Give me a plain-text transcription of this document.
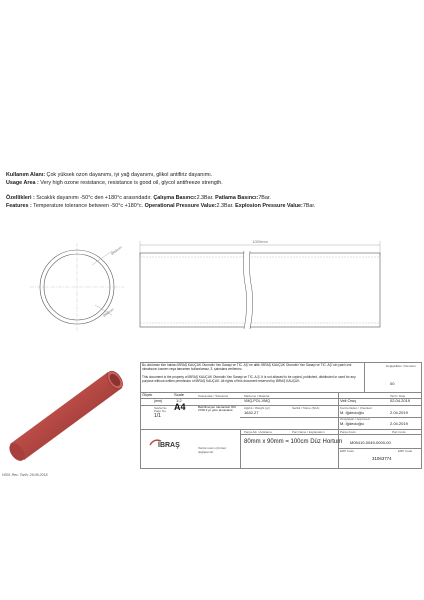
Kullanım Alanı: Çok yüksek ozon dayanımı, iyi yağ dayanımı, glikol antifiriz dayanımı.
Usage Area : Very high ozone resistance, resistance is good oil, glycol antifreeze strength.
Özellikleri : Sıcaklık dayanımı -50°c den +180°c arasındadır. Çalışma Basıncı:2.3Bar. Patlama Basıncı:7Bar.
Features : Temperature tolerance between -50°c +180°c. Operational Pressure Value:2.3Bar. Explosion Pressure Value:7Bar.
1000mm
Ø90mm
Ø80mm
Bu doküman tüm hakları İBRAŞ KAUÇUK Otomotiv Yan Sanayi ve TİC. AŞ.'ne aittir. İBRAŞ KAUÇUK Otomotiv Yan Sanayi ve TİC. AŞ.'nin yazılı izni olmaksızın kısmen veya tamamen kullanılamaz, 3. şahıslara verilemez.
This document is the property of İBRAŞ KAUÇUK Otomotiv Yan Sanayi ve TİC. A.Ş. It is not allowed to be copied, published, distributed or used for any purpose without written permission of İBRAŞ KAUÇUK. All rights of this document reserved by İBRAŞ KAUÇUK.
Değişiklikler / Revision
00
Ölçek	Scale	Toleranslar / Tolerance	Malzeme / Material	Tarih / Date
(mm)	1:2	VMQ-POL-VMQ	Veli Oruç	02.04.2019
Sayfa No.
Page No. A4	Belirtilmeyen toleranslar ISO 2768-1'ye göre alınacaktır.
Ağırlık / Weight (gr)	Sertlik / Shore (ShA)	Kontrol Eden / Checked
1642.27	M. İğdecioğlu	2.04.2019
1/1	Onaylayan / Approved
M. İğdecioğlu	2.04.2019
Parça Adı / Açıklama	Part Name / Explanation	Parça Kodu	Part Code
80mm x 90mm = 100cm Düz Hortum M05410-0049-0000-00
ERP Kodu	ERP Code
31063774
Teknik resim çizimleri
değişkendir.
İBRAŞ
H001 Rev. Tarih: 29.08.2018
